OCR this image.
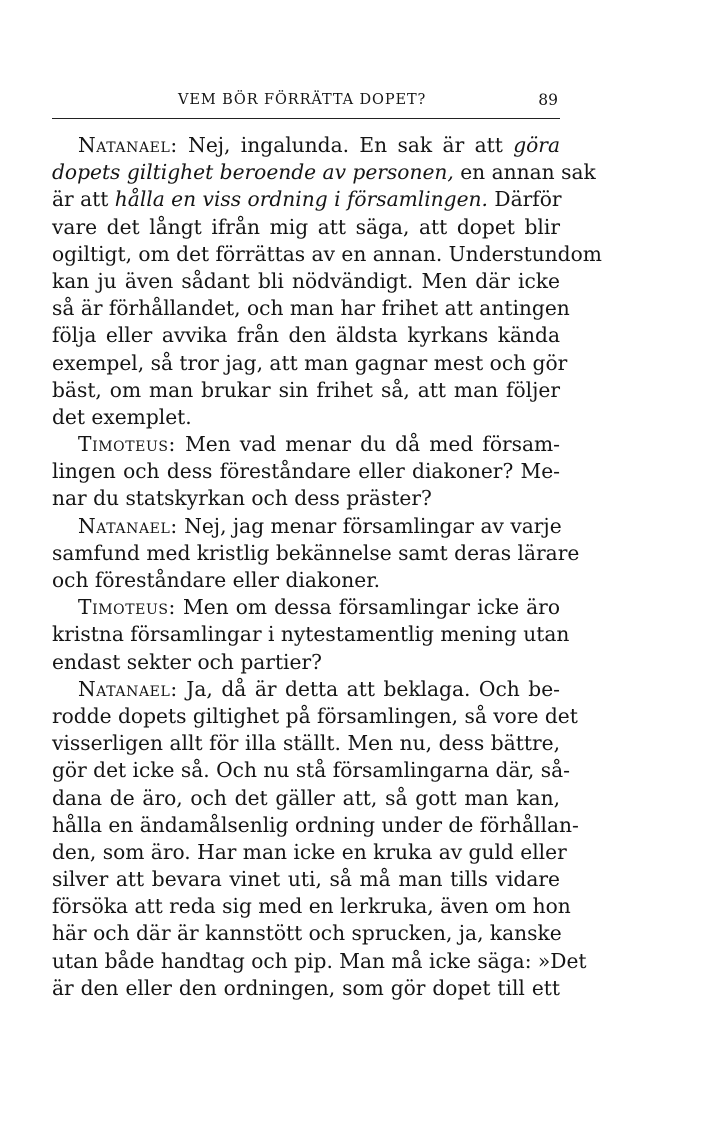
VEM BÖR FÖRRÄTTA DOPET?	89
Natanael: Nej, ingalunda. En sak är att göra
dopets giltighet beroende av personen, en annan sak
är att hålla en viss ordning i församlingen. Därför
vare det långt ifrån mig att säga, att dopet blir
ogiltigt, om det förrättas av en annan. Understundom
kan ju även sådant bli nödvändigt. Men där icke
så är förhållandet, och man har frihet att antingen
följa eller avvika från den äldsta kyrkans kända
exempel, så tror jag, att man gagnar mest och gör
bäst, om man brukar sin frihet så, att man följer
det exemplet.
Timoteus: Men vad menar du då med försam-
lingen och dess föreståndare eller diakoner? Me-
nar du statskyrkan och dess präster?
Natanael: Nej, jag menar församlingar av varje
samfund med kristlig bekännelse samt deras lärare
och föreståndare eller diakoner.
Timoteus: Men om dessa församlingar icke äro
kristna församlingar i nytestamentlig mening utan
endast sekter och partier?
Natanael: Ja, då är detta att beklaga. Och be-
rodde dopets giltighet på församlingen, så vore det
visserligen allt för illa ställt. Men nu, dess bättre,
gör det icke så. Och nu stå församlingarna där, så-
dana de äro, och det gäller att, så gott man kan,
hålla en ändamålsenlig ordning under de förhållan-
den, som äro. Har man icke en kruka av guld eller
silver att bevara vinet uti, så må man tills vidare
försöka att reda sig med en lerkruka, även om hon
här och där är kannstött och sprucken, ja, kanske
utan både handtag och pip. Man må icke säga: »Det
är den eller den ordningen, som gör dopet till ett
